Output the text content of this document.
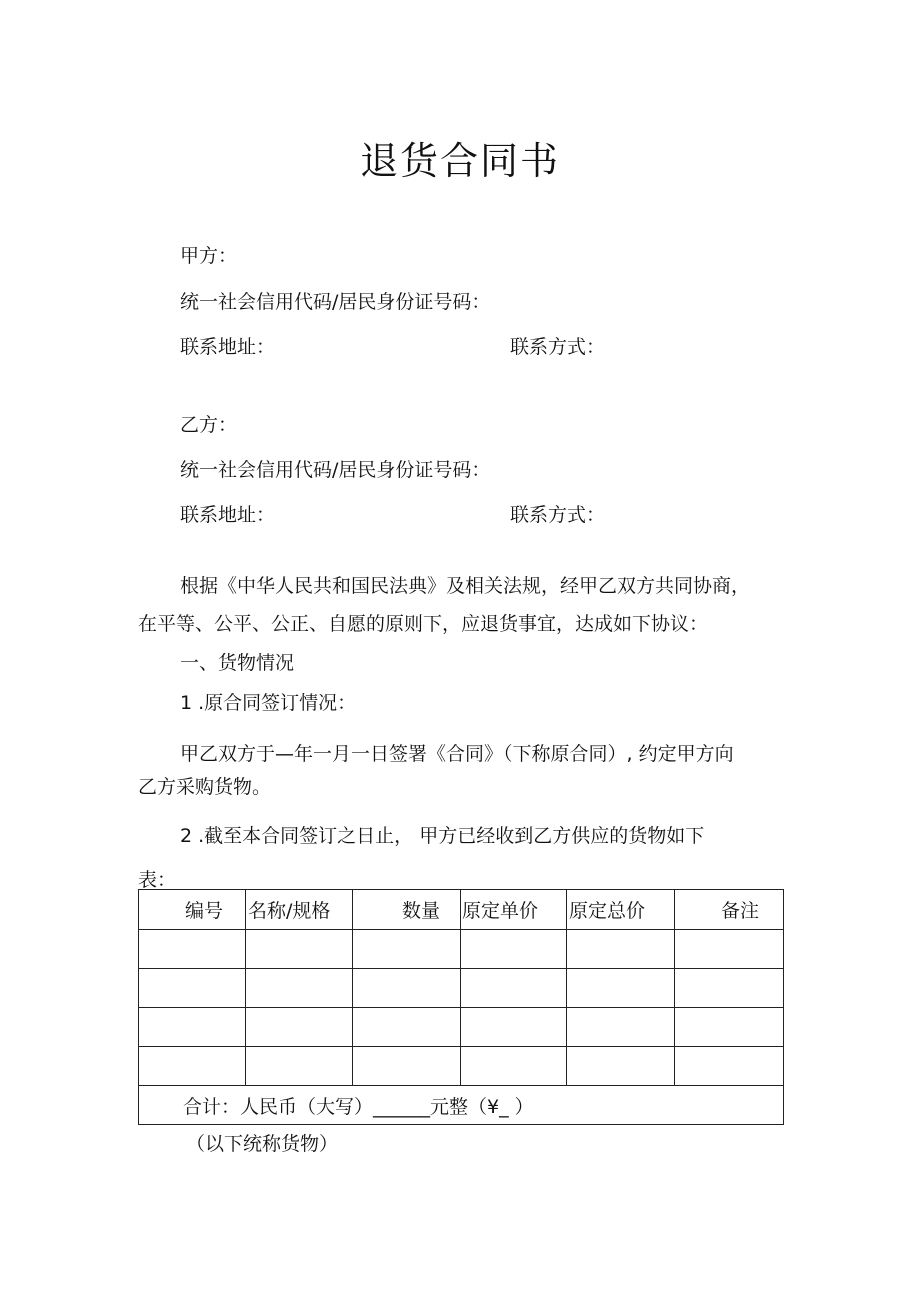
退货合同书
甲方：
统一社会信用代码/居民身份证号码：
联系地址：	联系方式：
乙方：
统一社会信用代码/居民身份证号码：
联系地址：	联系方式：
根据《中华人民共和国民法典》及相关法规，经甲乙双方共同协商，
在平等、公平、公正、自愿的原则下，应退货事宜，达成如下协议：
一、货物情况
1 .原合同签订情况：
甲乙双方于—年一月一日签署《合同》（下称原合同）, 约定甲方向
乙方采购货物。
2 .截至本合同签订之日止， 甲方已经收到乙方供应的货物如下
表：
编号	名称/规格	数量	原定单价	原定总价	备注

合计：人民币（大写）______元整（¥_ ）					
（以下统称货物）
